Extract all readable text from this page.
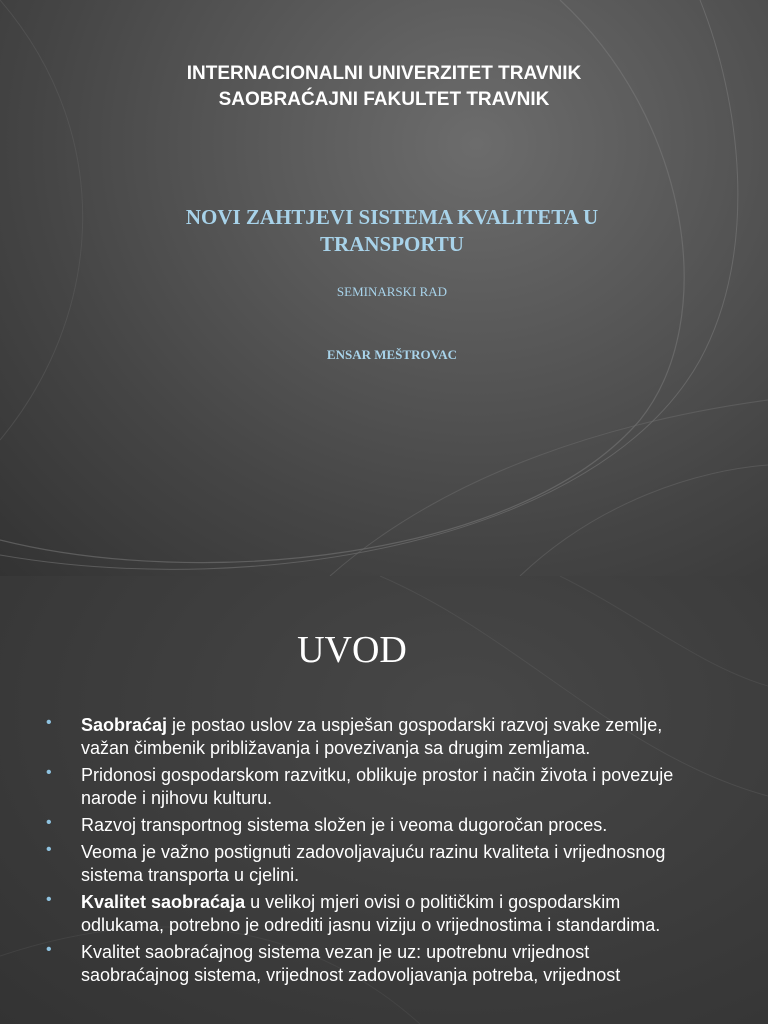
INTERNACIONALNI UNIVERZITET TRAVNIK
SAOBRAĆAJNI FAKULTET TRAVNIK
NOVI ZAHTJEVI SISTEMA KVALITETA U
TRANSPORTU
SEMINARSKI RAD
ENSAR MEŠTROVAC
UVOD
• Saobraćaj je postao uslov za uspješan gospodarski razvoj svake zemlje, važan čimbenik približavanja i povezivanja sa drugim zemljama.
• Pridonosi gospodarskom razvitku, oblikuje prostor i način života i povezuje narode i njihovu kulturu.
• Razvoj transportnog sistema složen je i veoma dugoročan proces.
• Veoma je važno postignuti zadovoljavajuću razinu kvaliteta i vrijednosnog sistema transporta u cjelini.
• Kvalitet saobraćaja u velikoj mjeri ovisi o političkim i gospodarskim odlukama, potrebno je odrediti jasnu viziju o vrijednostima i standardima.
• Kvalitet saobraćajnog sistema vezan je uz: upotrebnu vrijednost saobraćajnog sistema, vrijednost zadovoljavanja potreba, vrijednost
